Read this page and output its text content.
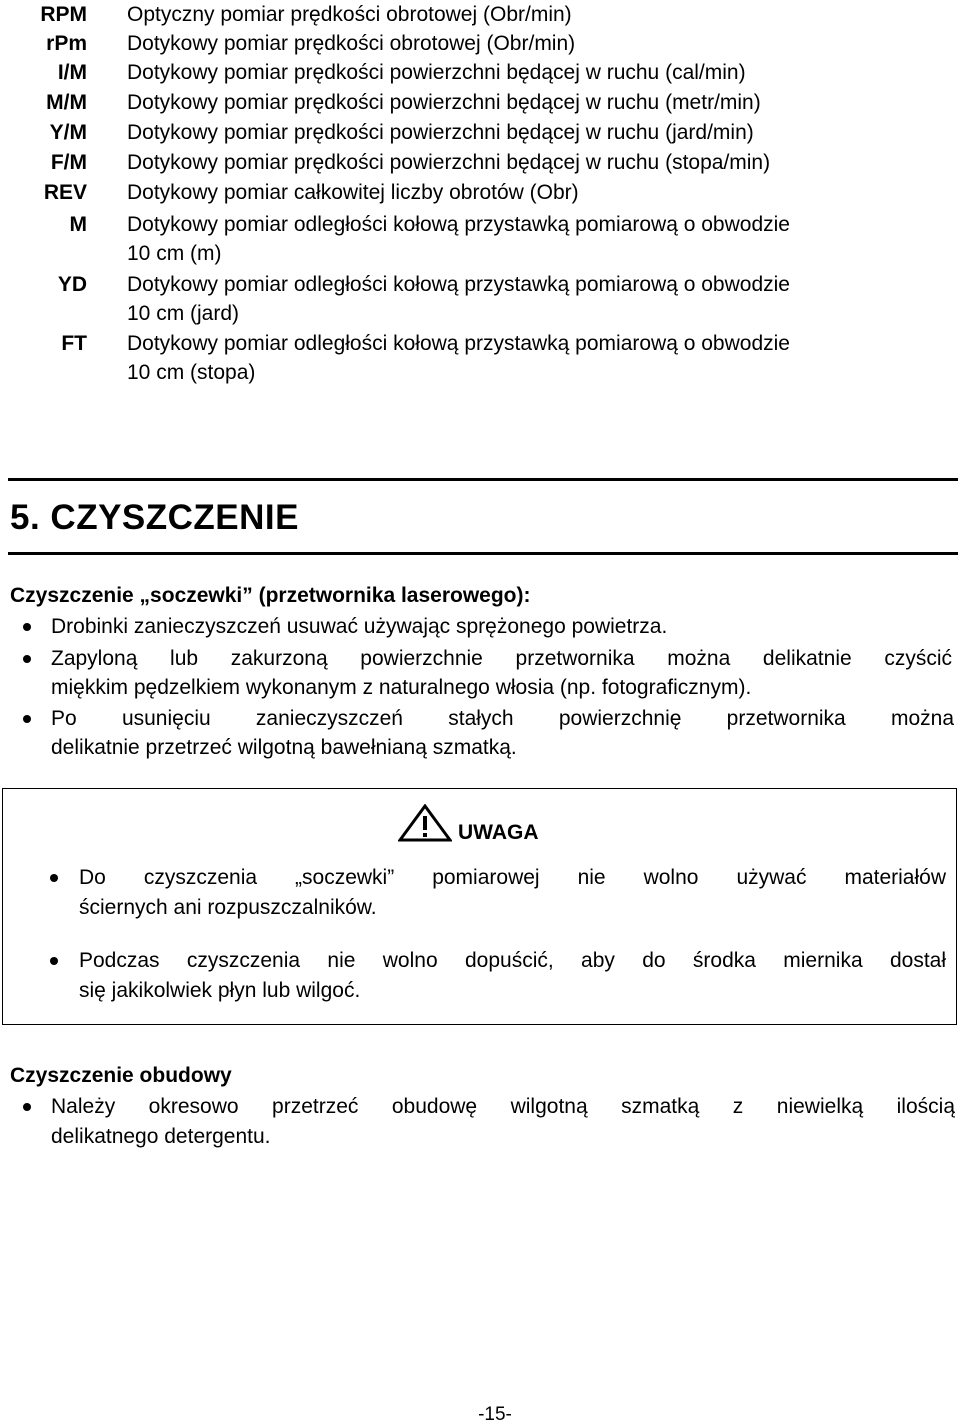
RPM Optyczny pomiar prędkości obrotowej (Obr/min)
rPm Dotykowy pomiar prędkości obrotowej (Obr/min)
I/M Dotykowy pomiar prędkości powierzchni będącej w ruchu (cal/min)
M/M Dotykowy pomiar prędkości powierzchni będącej w ruchu (metr/min)
Y/M Dotykowy pomiar prędkości powierzchni będącej w ruchu (jard/min)
F/M Dotykowy pomiar prędkości powierzchni będącej w ruchu (stopa/min)
REV Dotykowy pomiar całkowitej liczby obrotów (Obr)
M Dotykowy pomiar odległości kołową przystawką pomiarową o obwodzie
10 cm (m)
YD Dotykowy pomiar odległości kołową przystawką pomiarową o obwodzie
10 cm (jard)
FT Dotykowy pomiar odległości kołową przystawką pomiarową o obwodzie
10 cm (stopa)
5. CZYSZCZENIE
Czyszczenie „soczewki” (przetwornika laserowego):
Drobinki zanieczyszczeń usuwać używając sprężonego powietrza.
Zapyloną lub zakurzoną powierzchnie przetwornika można delikatnie czyścić
miękkim pędzelkiem wykonanym z naturalnego włosia (np. fotograficznym).
Po usunięciu zanieczyszczeń stałych powierzchnię przetwornika można
delikatnie przetrzeć wilgotną bawełnianą szmatką.
UWAGA
Do czyszczenia „soczewki” pomiarowej nie wolno używać materiałów
ściernych ani rozpuszczalników.
Podczas czyszczenia nie wolno dopuścić, aby do środka miernika dostał
się jakikolwiek płyn lub wilgoć.
Czyszczenie obudowy
Należy okresowo przetrzeć obudowę wilgotną szmatką z niewielką ilością
delikatnego detergentu.
-15-
